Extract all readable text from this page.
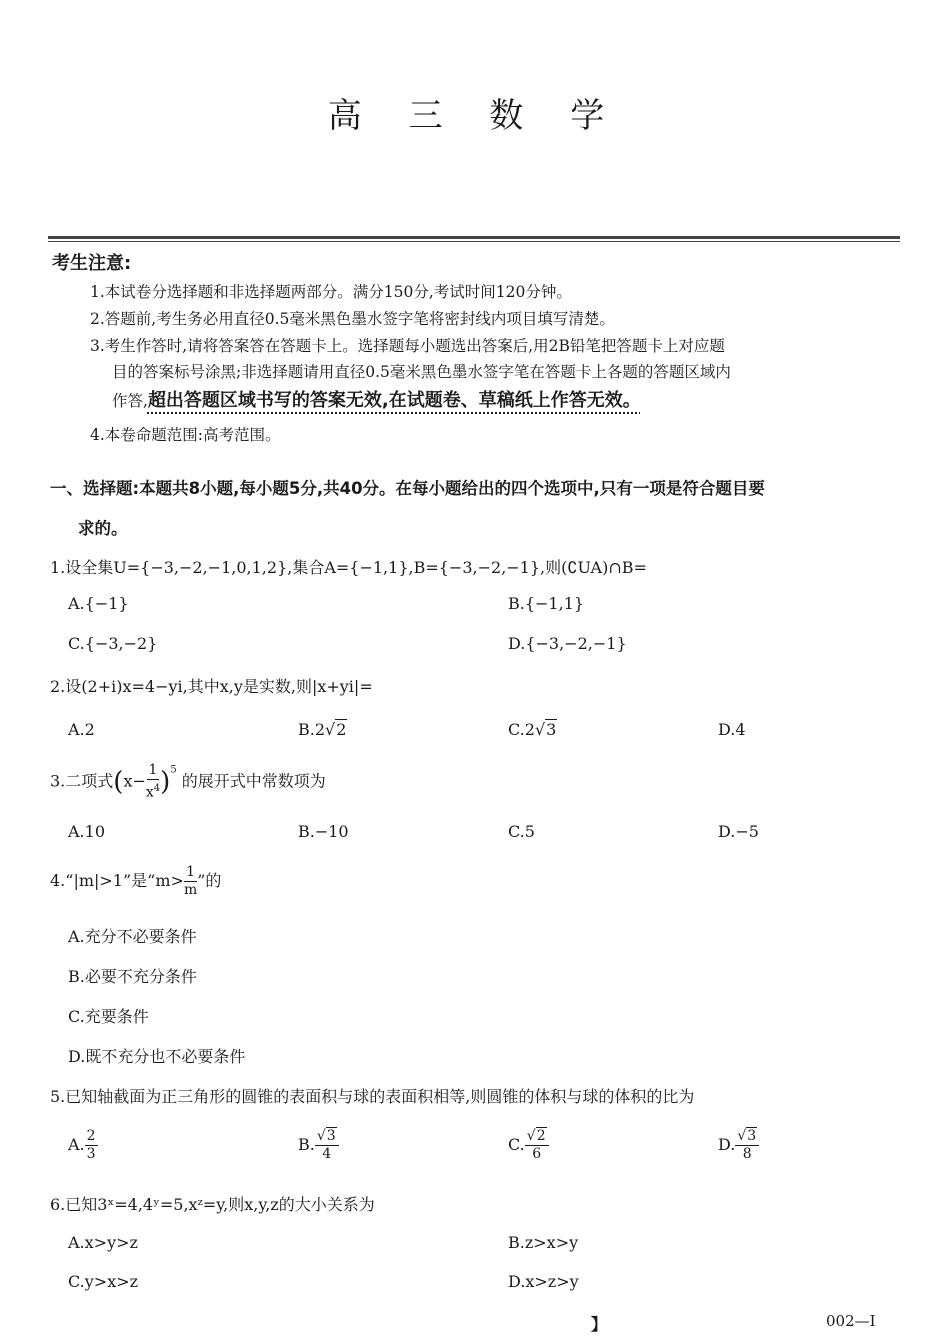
高 三 数 学
考生注意:
1.本试卷分选择题和非选择题两部分。满分150分,考试时间120分钟。
2.答题前,考生务必用直径0.5毫米黑色墨水签字笔将密封线内项目填写清楚。
3.考生作答时,请将答案答在答题卡上。选择题每小题选出答案后,用2B铅笔把答题卡上对应题
目的答案标号涂黑;非选择题请用直径0.5毫米黑色墨水签字笔在答题卡上各题的答题区域内
作答,超出答题区域书写的答案无效,在试题卷、草稿纸上作答无效。
4.本卷命题范围:高考范围。
一、选择题:本题共8小题,每小题5分,共40分。在每小题给出的四个选项中,只有一项是符合题目要
求的。
1.设全集U={−3,−2,−1,0,1,2},集合A={−1,1},B={−3,−2,−1},则(∁UA)∩B=
A.{−1}	B.{−1,1}
C.{−3,−2}	D.{−3,−2,−1}
2.设(2+i)x=4−yi,其中x,y是实数,则|x+yi|=
A.2	B.2√2	C.2√3	D.4
3.二项式$(x- \frac{1}{x^4} )^5$ 的展开式中常数项为
A.10	B.−10	C.5	D.−5
4.“|m|>1”是“$m> \frac{1}{m}$ ”的
A.充分不必要条件
B.必要不充分条件
C.充要条件
D.既不充分也不必要条件
5.已知轴截面为正三角形的圆锥的表面积与球的表面积相等,则圆锥的体积与球的体积的比为
A. $\frac{2}{3}$	B. $\frac{√3}{4}$	C. $\frac{√2}{6}$	D. $\frac{√3}{8}$
6.已知3ˣ=4,4ʸ=5,xᶻ=y,则x,y,z的大小关系为
A.x>y>z	B.z>x>y
C.y>x>z	D.x>z>y
】	002—I
